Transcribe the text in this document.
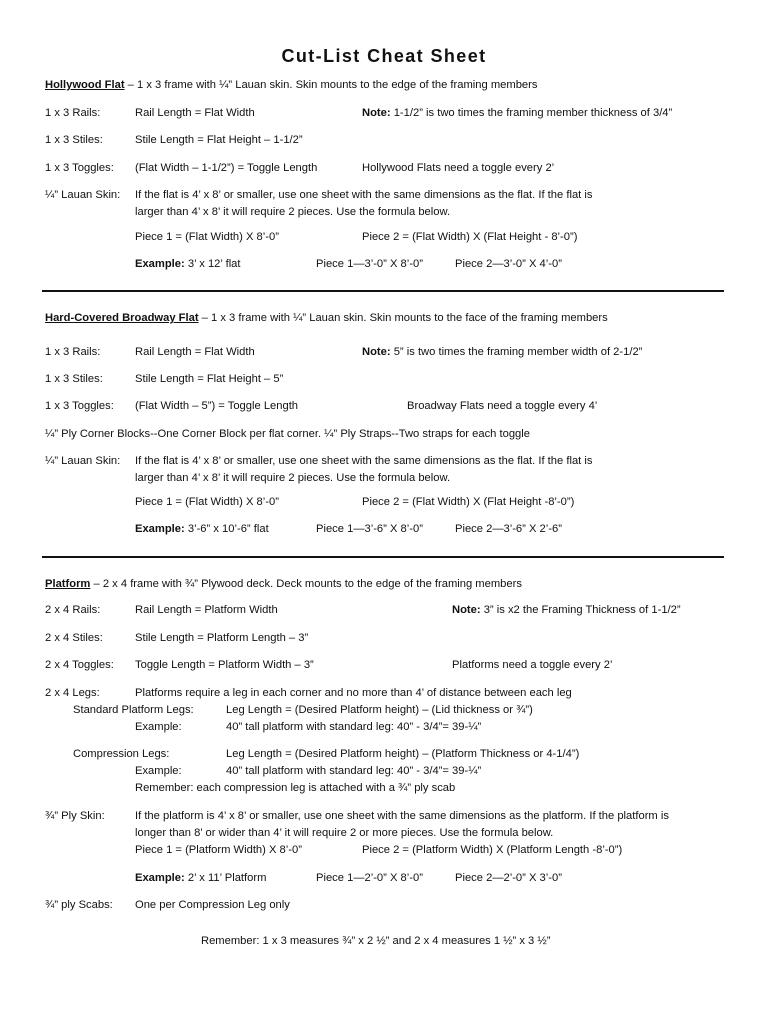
Cut-List Cheat Sheet
Hollywood Flat – 1 x 3 frame with ¼” Lauan skin. Skin mounts to the edge of the framing members
1 x 3 Rails:	Rail Length = Flat Width	Note: 1-1/2” is two times the framing member thickness of 3/4”
1 x 3 Stiles:	Stile Length = Flat Height – 1-1/2”
1 x 3 Toggles: (Flat Width – 1-1/2”) = Toggle Length	Hollywood Flats need a toggle every 2’
¼” Lauan Skin: If the flat is 4’ x 8’ or smaller, use one sheet with the same dimensions as the flat. If the flat is
larger than 4’ x 8’ it will require 2 pieces. Use the formula below.
Piece 1 = (Flat Width) X 8’-0”	Piece 2 = (Flat Width) X (Flat Height - 8’-0”)
Example: 3’ x 12’ flat	Piece 1—3’-0” X 8’-0”	Piece 2—3’-0” X 4’-0”
Hard-Covered Broadway Flat – 1 x 3 frame with ¼” Lauan skin. Skin mounts to the face of the framing members
1 x 3 Rails:	Rail Length = Flat Width	Note: 5” is two times the framing member width of 2-1/2”
1 x 3 Stiles:	Stile Length = Flat Height – 5”
1 x 3 Toggles: (Flat Width – 5”) = Toggle Length	Broadway Flats need a toggle every 4’
¼” Ply Corner Blocks--One Corner Block per flat corner. ¼” Ply Straps--Two straps for each toggle
¼” Lauan Skin: If the flat is 4’ x 8’ or smaller, use one sheet with the same dimensions as the flat. If the flat is
larger than 4’ x 8’ it will require 2 pieces. Use the formula below.
Piece 1 = (Flat Width) X 8’-0”	Piece 2 = (Flat Width) X (Flat Height -8’-0”)
Example: 3’-6” x 10’-6” flat	Piece 1—3’-6” X 8’-0”	Piece 2—3’-6” X 2’-6”
Platform – 2 x 4 frame with ¾” Plywood deck. Deck mounts to the edge of the framing members
2 x 4 Rails:	Rail Length = Platform Width	Note: 3” is x2 the Framing Thickness of 1-1/2”
2 x 4 Stiles:	Stile Length = Platform Length – 3”
2 x 4 Toggles: Toggle Length = Platform Width – 3”	Platforms need a toggle every 2’
2 x 4 Legs:	Platforms require a leg in each corner and no more than 4’ of distance between each leg
Standard Platform Legs:	Leg Length = (Desired Platform height) – (Lid thickness or ¾”)
Example:	40” tall platform with standard leg: 40” - 3/4”= 39-¼”
Compression Legs:	Leg Length = (Desired Platform height) – (Platform Thickness or 4-1/4”)
Example:	40” tall platform with standard leg: 40” - 3/4”= 39-¼”
Remember: each compression leg is attached with a ¾” ply scab
¾” Ply Skin:	If the platform is 4’ x 8’ or smaller, use one sheet with the same dimensions as the platform. If the platform is
longer than 8’ or wider than 4’ it will require 2 or more pieces. Use the formula below.
Piece 1 = (Platform Width) X 8’-0”	Piece 2 = (Platform Width) X (Platform Length -8’-0”)
Example: 2’ x 11’ Platform	Piece 1—2’-0” X 8’-0”	Piece 2—2’-0” X 3’-0”
¾” ply Scabs: One per Compression Leg only
Remember: 1 x 3 measures ¾” x 2 ½” and 2 x 4 measures 1 ½” x 3 ½”
